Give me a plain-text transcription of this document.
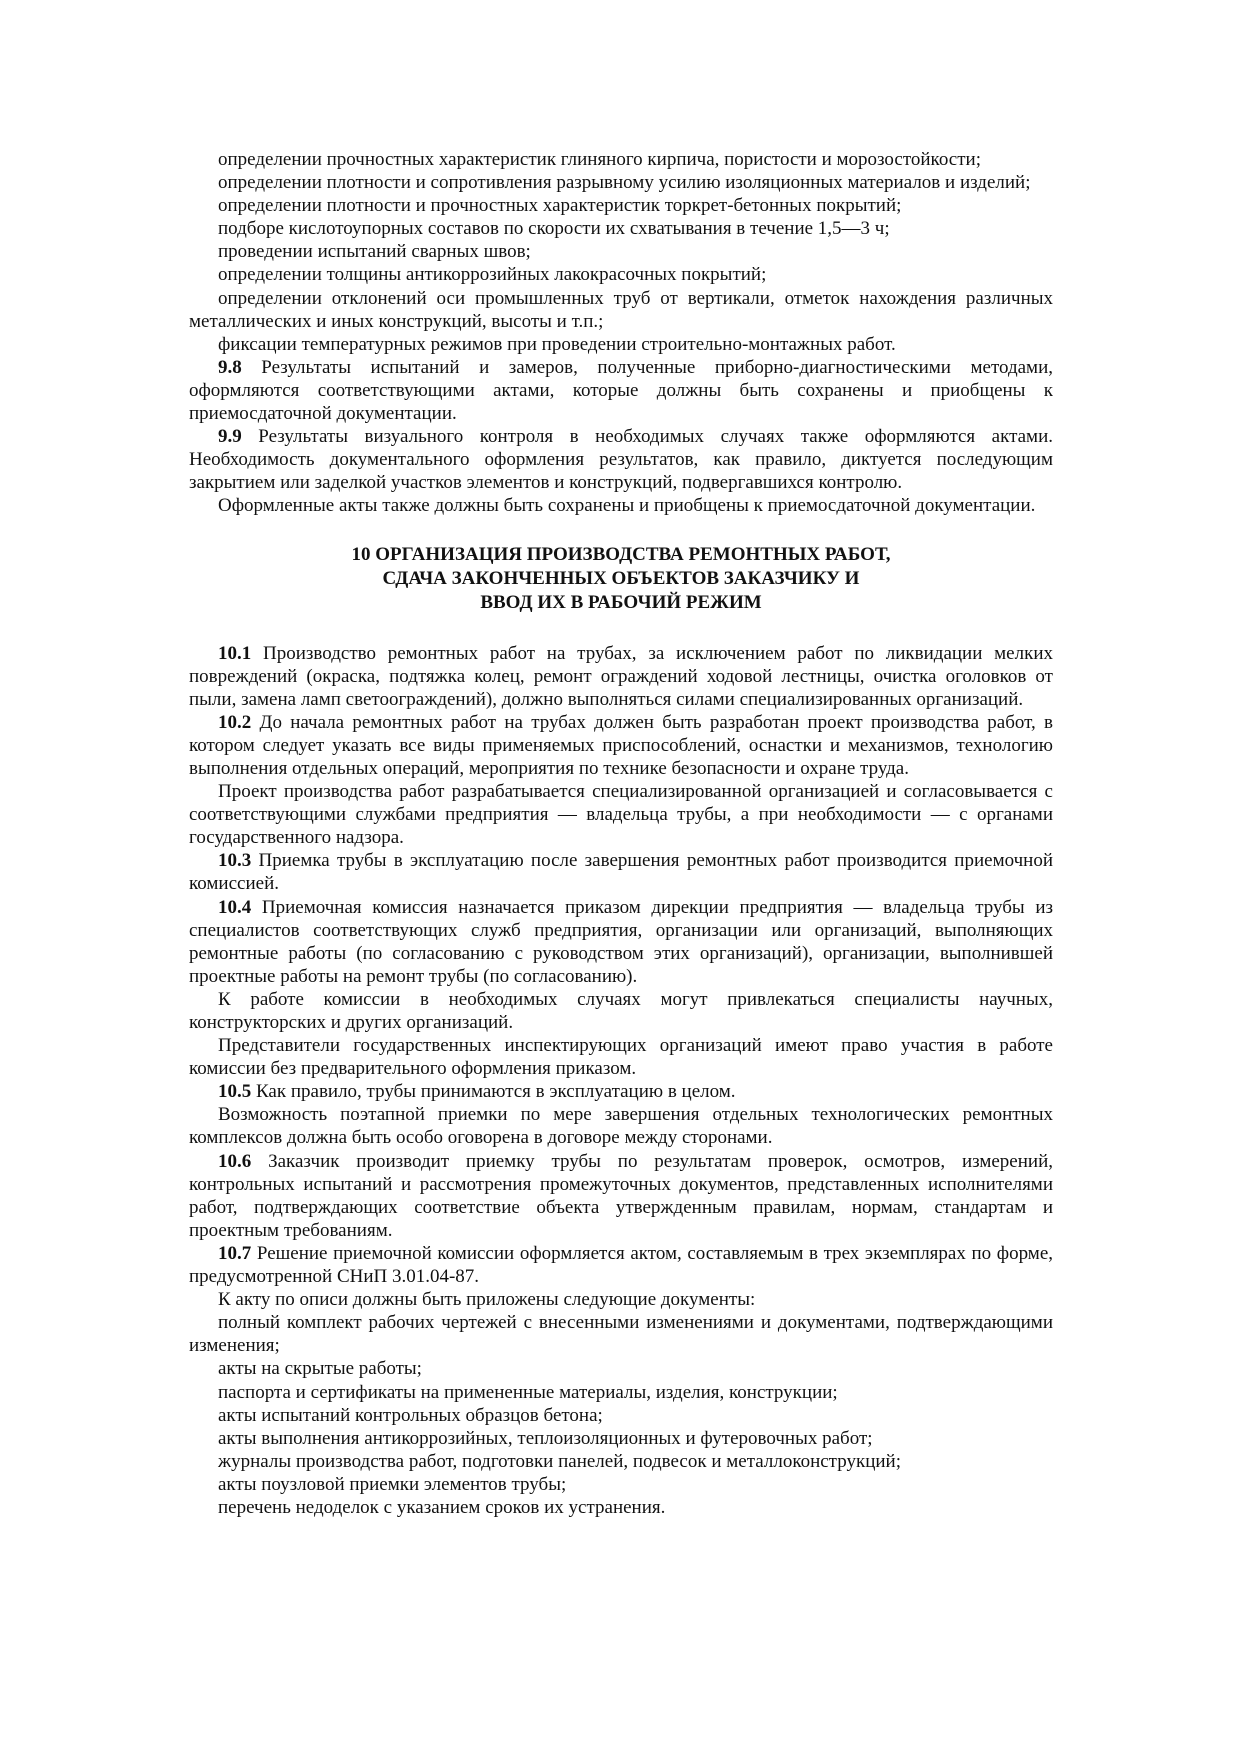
определении прочностных характеристик глиняного кирпича, пористости и морозостойкости;

определении плотности и сопротивления разрывному усилию изоляционных материалов и изделий;

определении плотности и прочностных характеристик торкрет-бетонных покрытий;

подборе кислотоупорных составов по скорости их схватывания в течение 1,5—3 ч;

проведении испытаний сварных швов;

определении толщины антикоррозийных лакокрасочных покрытий;

определении отклонений оси промышленных труб от вертикали, отметок нахождения различных металлических и иных конструкций, высоты и т.п.;

фиксации температурных режимов при проведении строительно-монтажных работ.

9.8 Результаты испытаний и замеров, полученные приборно-диагностическими методами, оформляются соответствующими актами, которые должны быть сохранены и приобщены к приемосдаточной документации.

9.9 Результаты визуального контроля в необходимых случаях также оформляются актами. Необходимость документального оформления результатов, как правило, диктуется последующим закрытием или заделкой участков элементов и конструкций, подвергавшихся контролю.

Оформленные акты также должны быть сохранены и приобщены к приемосдаточной документации.

10 ОРГАНИЗАЦИЯ ПРОИЗВОДСТВА РЕМОНТНЫХ РАБОТ,
СДАЧА ЗАКОНЧЕННЫХ ОБЪЕКТОВ ЗАКАЗЧИКУ И
ВВОД ИХ В РАБОЧИЙ РЕЖИМ

10.1 Производство ремонтных работ на трубах, за исключением работ по ликвидации мелких повреждений (окраска, подтяжка колец, ремонт ограждений ходовой лестницы, очистка оголовков от пыли, замена ламп светоограждений), должно выполняться силами специализированных организаций.

10.2 До начала ремонтных работ на трубах должен быть разработан проект производства работ, в котором следует указать все виды применяемых приспособлений, оснастки и механизмов, технологию выполнения отдельных операций, мероприятия по технике безопасности и охране труда.

Проект производства работ разрабатывается специализированной организацией и согласовывается с соответствующими службами предприятия — владельца трубы, а при необходимости — с органами государственного надзора.

10.3 Приемка трубы в эксплуатацию после завершения ремонтных работ производится приемочной комиссией.

10.4 Приемочная комиссия назначается приказом дирекции предприятия — владельца трубы из специалистов соответствующих служб предприятия, организации или организаций, выполняющих ремонтные работы (по согласованию с руководством этих организаций), организации, выполнившей проектные работы на ремонт трубы (по согласованию).

К работе комиссии в необходимых случаях могут привлекаться специалисты научных, конструкторских и других организаций.

Представители государственных инспектирующих организаций имеют право участия в работе комиссии без предварительного оформления приказом.

10.5 Как правило, трубы принимаются в эксплуатацию в целом.

Возможность поэтапной приемки по мере завершения отдельных технологических ремонтных комплексов должна быть особо оговорена в договоре между сторонами.

10.6 Заказчик производит приемку трубы по результатам проверок, осмотров, измерений, контрольных испытаний и рассмотрения промежуточных документов, представленных исполнителями работ, подтверждающих соответствие объекта утвержденным правилам, нормам, стандартам и проектным требованиям.

10.7 Решение приемочной комиссии оформляется актом, составляемым в трех экземплярах по форме, предусмотренной СНиП 3.01.04-87.

К акту по описи должны быть приложены следующие документы:

полный комплект рабочих чертежей с внесенными изменениями и документами, подтверждающими изменения;

акты на скрытые работы;

паспорта и сертификаты на примененные материалы, изделия, конструкции;

акты испытаний контрольных образцов бетона;

акты выполнения антикоррозийных, теплоизоляционных и футеровочных работ;

журналы производства работ, подготовки панелей, подвесок и металлоконструкций;

акты поузловой приемки элементов трубы;

перечень недоделок с указанием сроков их устранения.
